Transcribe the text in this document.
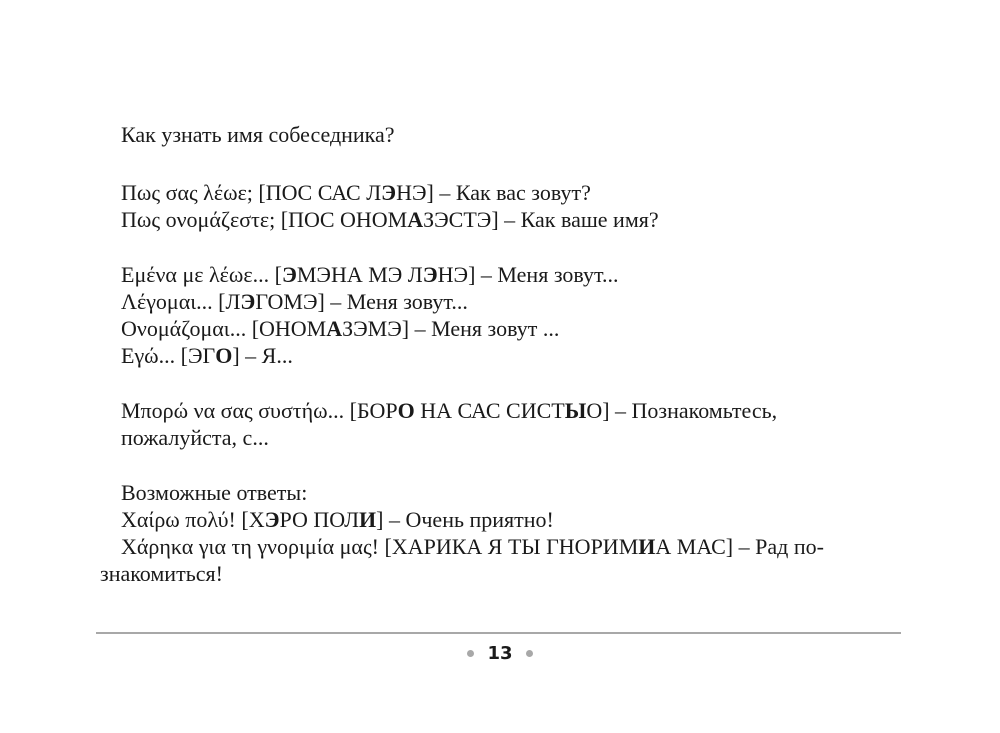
Как узнать имя собеседника?
Πως σας λέωε; [ΠΟС САС ЛЭНЭ] – Как вас зовут?
Πως ονομάζεστε; [ΠΟС ОНОМАЗЭСТЭ] – Как ваше имя?
Εμένα με λέωε... [ЭМЭНА МЭ ЛЭНЭ] – Меня зовут...
Λέγομαι... [ЛЭГОМЭ] – Меня зовут...
Ονομάζομαι... [ОНОМАЗЭМЭ] – Меня зовут ...
Εγώ... [ЭГО] – Я...
Μπορώ να σας συστήω... [БОРО НА САС СИСТЫО] – Познакомьтесь,
пожалуйста, с...
Возможные ответы:
Χαίρω πολύ! [ХЭРО ПОЛИ] – Очень приятно!
Χάρηκα για τη γνοριμία μας! [ХАРИКА Я ТЫ ГНОРИМИА МАС] – Рад по-
знакомиться!
13
